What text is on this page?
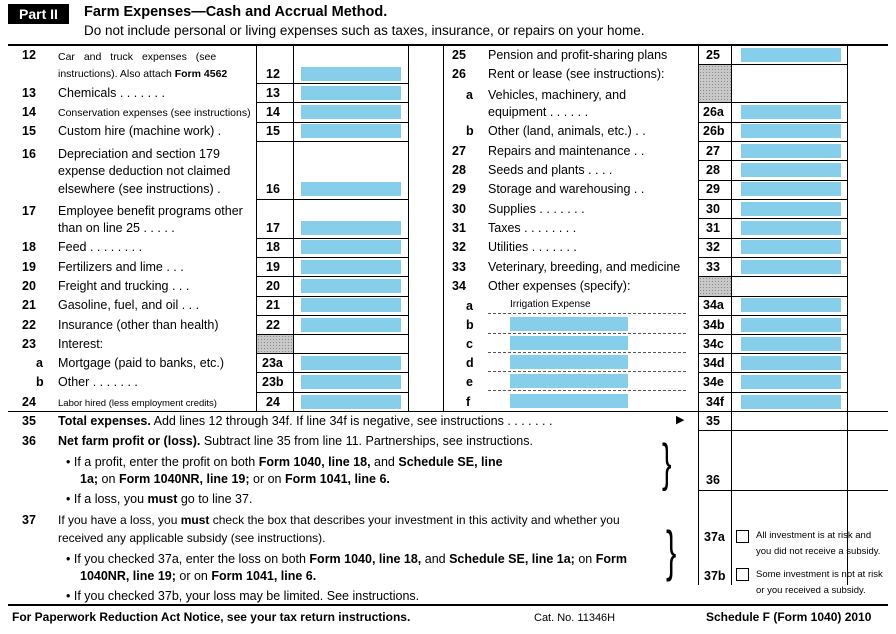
Part II	Farm Expenses—Cash and Accrual Method.
Do not include personal or living expenses such as taxes, insurance, or repairs on your home.
12 Car and truck expenses (see
instructions). Also attach Form 4562	12
13 Chemicals . . . . . . .	13
14 Conservation expenses (see instructions) 14
15 Custom hire (machine work) .	15
16 Depreciation and section 179
expense deduction not claimed
elsewhere (see instructions) .	16
17 Employee benefit programs other
than on line 25 . . . . .	17
18 Feed . . . . . . . .	18
19 Fertilizers and lime . . .	19
20 Freight and trucking . . .	20
21 Gasoline, fuel, and oil . . .	21
22 Insurance (other than health)	22
23 Interest:
a Mortgage (paid to banks, etc.)	23a
b Other . . . . . . .	23b
24 Labor hired (less employment credits)	24
25 Pension and profit-sharing plans	25
26 Rent or lease (see instructions):
a Vehicles, machinery, and
equipment . . . . . .	26a
b Other (land, animals, etc.) . .	26b
27 Repairs and maintenance . .	27
28 Seeds and plants . . . .	28
29 Storage and warehousing . .	29
30 Supplies . . . . . . .	30
31 Taxes . . . . . . . .	31
32 Utilities . . . . . . .	32
33 Veterinary, breeding, and medicine 33
34 Other expenses (specify):
a	Irrigation Expense	34a
b	34b
c	34c
d	34d
e	34e
f	34f
35 Total expenses. Add lines 12 through 34f. If line 34f is negative, see instructions . . . . . . .	▶ 35
36 Net farm profit or (loss). Subtract line 35 from line 11. Partnerships, see instructions.
• If a profit, enter the profit on both Form 1040, line 18, and Schedule SE, line
1a; on Form 1040NR, line 19; or on Form 1041, line 6.
• If a loss, you must go to line 37.
}	36
37 If you have a loss, you must check the box that describes your investment in this activity and whether you
received any applicable subsidy (see instructions).
• If you checked 37a, enter the loss on both Form 1040, line 18, and Schedule SE, line 1a; on Form
1040NR, line 19; or on Form 1041, line 6.
• If you checked 37b, your loss may be limited. See instructions.
} 37a	All investment is at risk and
you did not receive a subsidy.
37b	Some investment is not at risk
or you received a subsidy.
For Paperwork Reduction Act Notice, see your tax return instructions.	Cat. No. 11346H	Schedule F (Form 1040) 2010
